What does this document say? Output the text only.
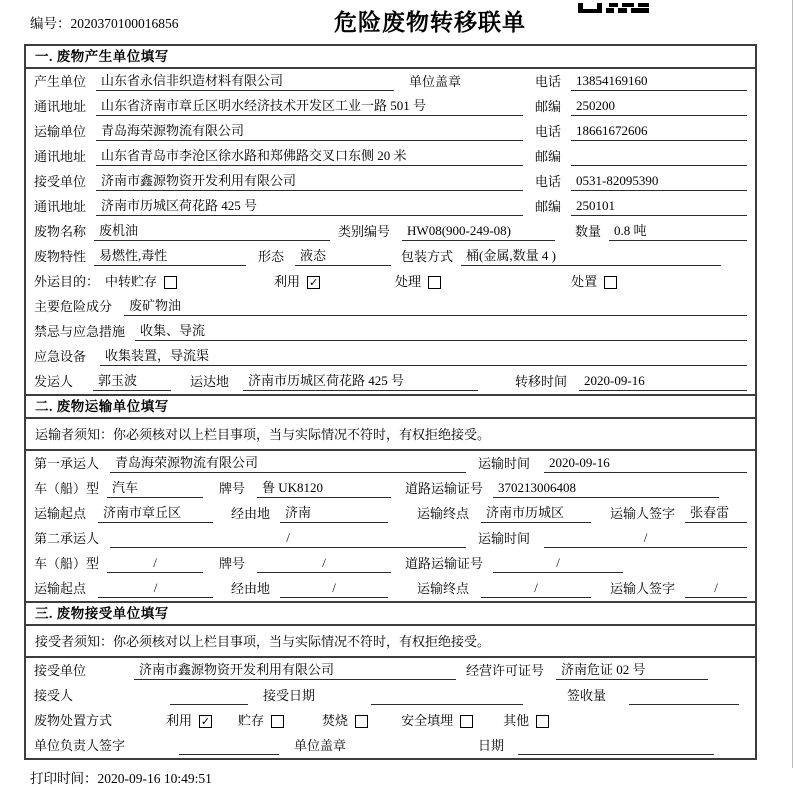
编号：2020370100016856	危险废物转移联单
一. 废物产生单位填写
产生单位	山东省永信非织造材料有限公司	单位盖章	电话	13854169160
通讯地址	山东省济南市章丘区明水经济技术开发区工业一路 501 号	邮编	250200
运输单位	青岛海荣源物流有限公司	电话	18661672606
通讯地址	山东省青岛市李沧区徐水路和郑佛路交叉口东侧 20 米	邮编
接受单位	济南市鑫源物资开发利用有限公司	电话	0531-82095390
通讯地址	济南市历城区荷花路 425 号	邮编	250101
废物名称	废机油	类别编号	HW08(900-249-08)	数量	0.8 吨
废物特性	易燃性,毒性	形态	液态	包装方式	桶(金属,数量 4 )
外运目的： 中转贮存	利用 ✓	处理	处置
主要危险成分	废矿物油
禁忌与应急措施	收集、导流
应急设备	收集装置，导流渠
发运人	郭玉波	运达地	济南市历城区荷花路 425 号	转移时间	2020-09-16
二. 废物运输单位填写
运输者须知：你必须核对以上栏目事项，当与实际情况不符时，有权拒绝接受。
第一承运人	青岛海荣源物流有限公司	运输时间	2020-09-16
车（船）型	汽车	牌号	鲁 UK8120	道路运输证号	370213006408
运输起点	济南市章丘区	经由地	济南	运输终点	济南市历城区	运输人签字	张春雷
第二承运人	/	运输时间	/
车（船）型	/	牌号	/	道路运输证号	/
运输起点	/	经由地	/	运输终点	/	运输人签字	/
三. 废物接受单位填写
接受者须知：你必须核对以上栏目事项，当与实际情况不符时，有权拒绝接受。
接受单位	济南市鑫源物资开发利用有限公司	经营许可证号	济南危证 02 号
接受人	接受日期	签收量
废物处置方式	利用 ✓ 贮存	焚烧	安全填埋	其他
单位负责人签字	单位盖章	日期
打印时间：2020-09-16 10:49:51
